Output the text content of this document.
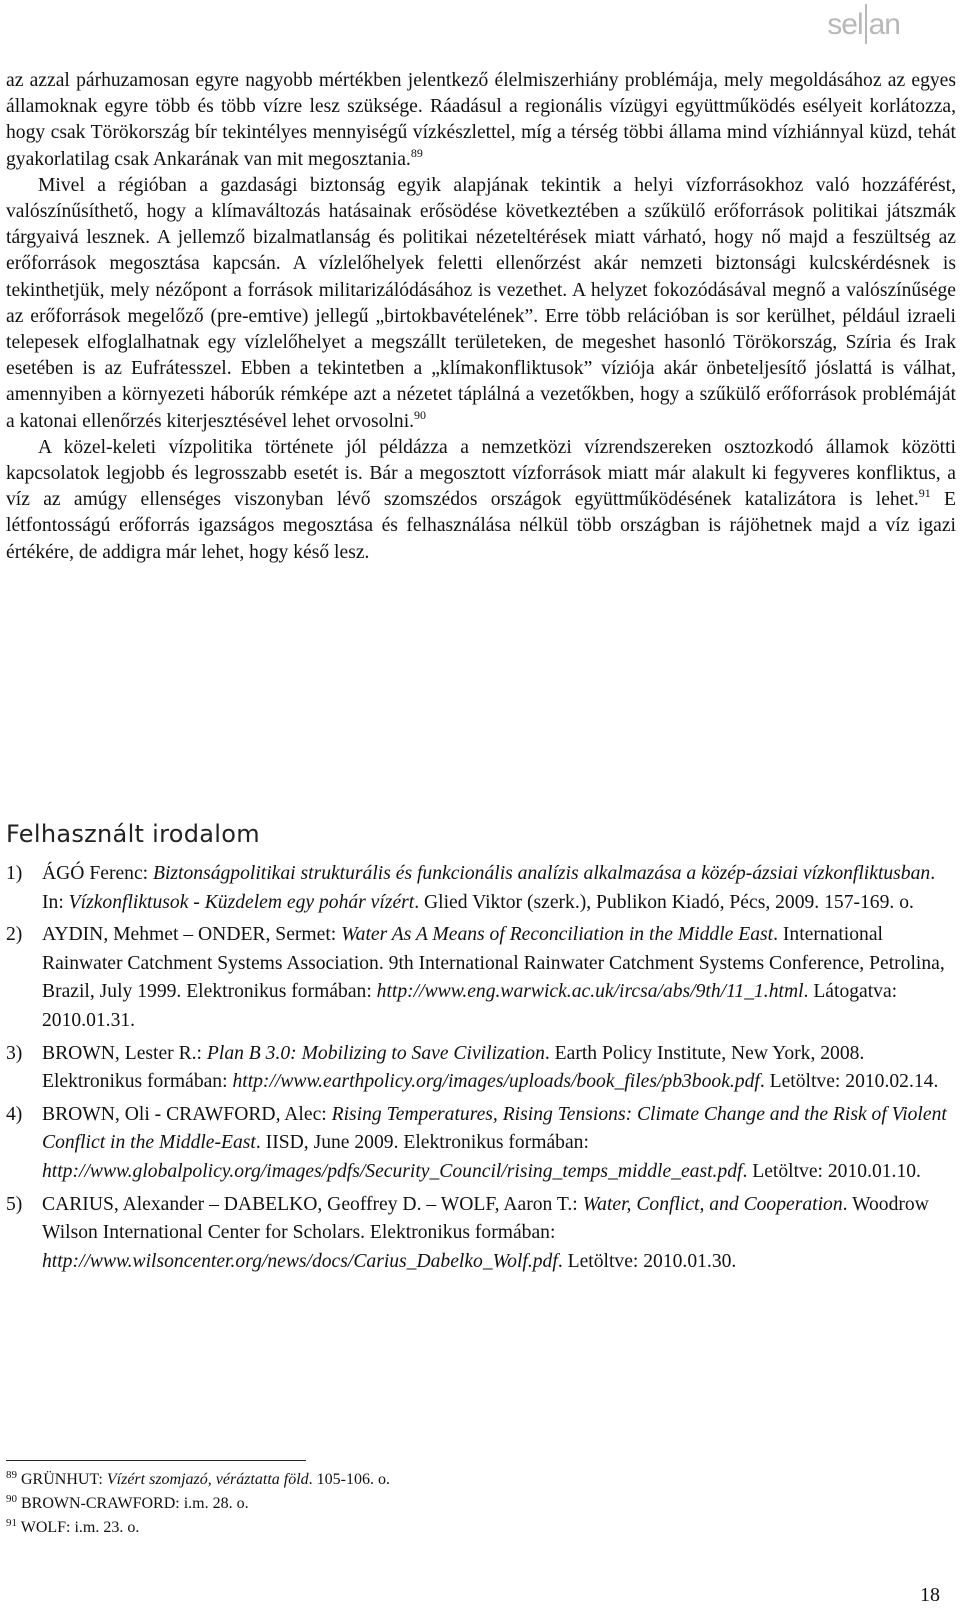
sel an

az azzal párhuzamosan egyre nagyobb mértékben jelentkező élelmiszerhiány problémája, mely megoldásához az egyes államoknak egyre több és több vízre lesz szüksége. Ráadásul a regionális vízügyi együttműködés esélyeit korlátozza, hogy csak Törökország bír tekintélyes mennyiségű vízkészlettel, míg a térség többi állama mind vízhiánnyal küzd, tehát gyakorlatilag csak Ankarának van mit megosztania.$^{89}$

Mivel a régióban a gazdasági biztonság egyik alapjának tekintik a helyi vízforrásokhoz való hozzáférést, valószínűsíthető, hogy a klímaváltozás hatásainak erősödése következtében a szűkülő erőforrások politikai játszmák tárgyaivá lesznek. A jellemző bizalmatlanság és politikai nézeteltérések miatt várható, hogy nő majd a feszültség az erőforrások megosztása kapcsán. A vízlelőhelyek feletti ellenőrzést akár nemzeti biztonsági kulcskérdésnek is tekinthetjük, mely nézőpont a források militarizálódásához is vezethet. A helyzet fokozódásával megnő a valószínűsége az erőforrások megelőző (pre-emtive) jellegű „birtokbavételének”. Erre több relációban is sor kerülhet, például izraeli telepesek elfoglalhatnak egy vízlelőhelyet a megszállt területeken, de megeshet hasonló Törökország, Szíria és Irak esetében is az Eufrátesszel. Ebben a tekintetben a „klímakonfliktusok” víziója akár önbeteljesítő jóslattá is válhat, amennyiben a környezeti háborúk rémképe azt a nézetet táplálná a vezetőkben, hogy a szűkülő erőforrások problémáját a katonai ellenőrzés kiterjesztésével lehet orvosolni.$^{90}$

A közel-keleti vízpolitika története jól példázza a nemzetközi vízrendszereken osztozkodó államok közötti kapcsolatok legjobb és legrosszabb esetét is. Bár a megosztott vízforrások miatt már alakult ki fegyveres konfliktus, a víz az amúgy ellenséges viszonyban lévő szomszédos országok együttműködésének katalizátora is lehet.$^{91}$ E létfontosságú erőforrás igazságos megosztása és felhasználása nélkül több országban is rájöhetnek majd a víz igazi értékére, de addigra már lehet, hogy késő lesz.

Felhasznált irodalom
1) ÁGÓ Ferenc: Biztonságpolitikai strukturális és funkcionális analízis alkalmazása a közép-ázsiai vízkonfliktusban. In: Vízkonfliktusok - Küzdelem egy pohár vízért. Glied Viktor (szerk.), Publikon Kiadó, Pécs, 2009. 157-169. o.
2) AYDIN, Mehmet – ONDER, Sermet: Water As A Means of Reconciliation in the Middle East. International Rainwater Catchment Systems Association. 9th International Rainwater Catchment Systems Conference, Petrolina, Brazil, July 1999. Elektronikus formában: http://www.eng.warwick.ac.uk/ircsa/abs/9th/11_1.html. Látogatva: 2010.01.31.
3) BROWN, Lester R.: Plan B 3.0: Mobilizing to Save Civilization. Earth Policy Institute, New York, 2008. Elektronikus formában: http://www.earthpolicy.org/images/uploads/book_files/pb3book.pdf. Letöltve: 2010.02.14.
4) BROWN, Oli - CRAWFORD, Alec: Rising Temperatures, Rising Tensions: Climate Change and the Risk of Violent Conflict in the Middle-East. IISD, June 2009. Elektronikus formában: http://www.globalpolicy.org/images/pdfs/Security_Council/rising_temps_middle_east.pdf. Letöltve: 2010.01.10.
5) CARIUS, Alexander – DABELKO, Geoffrey D. – WOLF, Aaron T.: Water, Conflict, and Cooperation. Woodrow Wilson International Center for Scholars. Elektronikus formában: http://www.wilsoncenter.org/news/docs/Carius_Dabelko_Wolf.pdf. Letöltve: 2010.01.30.
$^{89}$ GRÜNHUT: Vízért szomjazó, véráztatta föld. 105-106. o.
$^{90}$ BROWN-CRAWFORD: i.m. 28. o.
$^{91}$ WOLF: i.m. 23. o.
18
